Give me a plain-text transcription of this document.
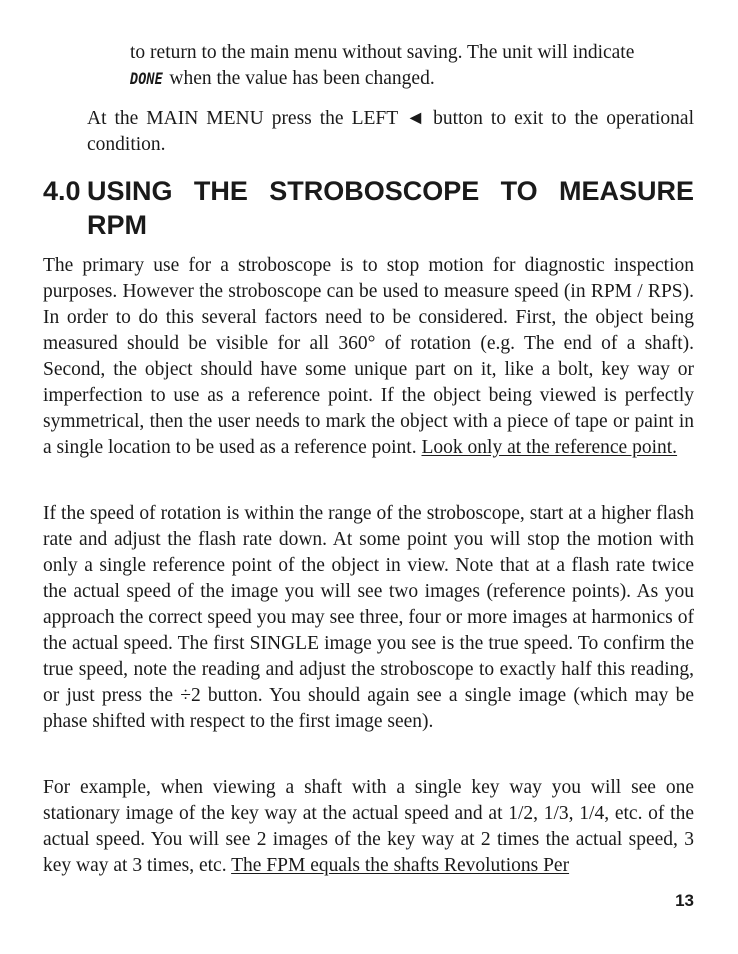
to return to the main menu without saving. The unit will indicate
DONE when the value has been changed.

At the MAIN MENU press the LEFT ◄ button to exit to the operational condition.

4.0 USING THE STROBOSCOPE TO MEASURE RPM

The primary use for a stroboscope is to stop motion for diagnostic inspection purposes. However the stroboscope can be used to measure speed (in RPM / RPS). In order to do this several factors need to be considered. First, the object being measured should be visible for all 360° of rotation (e.g. The end of a shaft). Second, the object should have some unique part on it, like a bolt, key way or imperfection to use as a reference point. If the object being viewed is perfectly symmetrical, then the user needs to mark the object with a piece of tape or paint in a single location to be used as a reference point. Look only at the reference point.

If the speed of rotation is within the range of the stroboscope, start at a higher flash rate and adjust the flash rate down. At some point you will stop the motion with only a single reference point of the object in view. Note that at a flash rate twice the actual speed of the image you will see two images (reference points). As you approach the correct speed you may see three, four or more images at harmonics of the actual speed. The first SINGLE image you see is the true speed. To confirm the true speed, note the reading and adjust the stroboscope to exactly half this reading, or just press the ÷2 button. You should again see a single image (which may be phase shifted with respect to the first image seen).

For example, when viewing a shaft with a single key way you will see one stationary image of the key way at the actual speed and at 1/2, 1/3, 1/4, etc. of the actual speed. You will see 2 images of the key way at 2 times the actual speed, 3 key way at 3 times, etc. The FPM equals the shafts Revolutions Per

13
